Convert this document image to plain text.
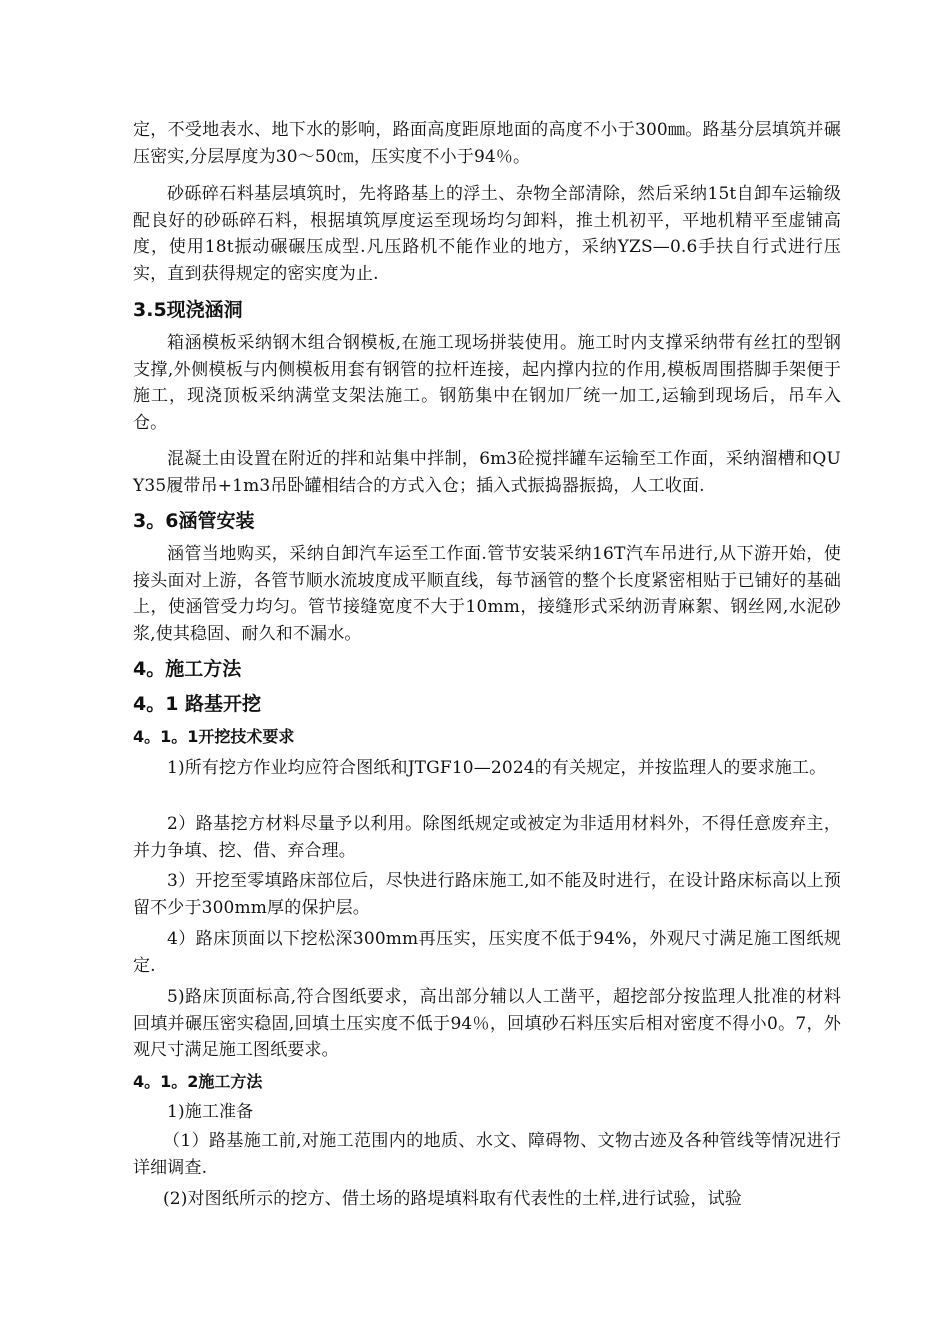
定，不受地表水、地下水的影响，路面高度距原地面的高度不小于300㎜。路基分层填筑并碾压密实,分层厚度为30～50㎝，压实度不小于94％。

砂砾碎石料基层填筑时，先将路基上的浮土、杂物全部清除，然后采纳15t自卸车运输级配良好的砂砾碎石料，根据填筑厚度运至现场均匀卸料，推土机初平，平地机精平至虚铺高度，使用18t振动碾碾压成型.凡压路机不能作业的地方，采纳YZS—0.6手扶自行式进行压实，直到获得规定的密实度为止.

3.5现浇涵洞

箱涵模板采纳钢木组合钢模板,在施工现场拼装使用。施工时内支撑采纳带有丝扛的型钢支撑,外侧模板与内侧模板用套有钢管的拉杆连接，起内撑内拉的作用,模板周围搭脚手架便于施工，现浇顶板采纳满堂支架法施工。钢筋集中在钢加厂统一加工,运输到现场后，吊车入仓。

混凝土由设置在附近的拌和站集中拌制，6m3砼搅拌罐车运输至工作面，采纳溜槽和QUY35履带吊+1m3吊卧罐相结合的方式入仓；插入式振捣器振捣，人工收面.

3。6涵管安装

涵管当地购买，采纳自卸汽车运至工作面.管节安装采纳16T汽车吊进行,从下游开始，使接头面对上游，各管节顺水流坡度成平顺直线，每节涵管的整个长度紧密相贴于已铺好的基础上，使涵管受力均匀。管节接缝宽度不大于10mm，接缝形式采纳沥青麻絮、钢丝网,水泥砂浆,使其稳固、耐久和不漏水。

4。施工方法
4。1 路基开挖
4。1。1开挖技术要求

1)所有挖方作业均应符合图纸和JTGF10—2024的有关规定，并按监理人的要求施工。

2）路基挖方材料尽量予以利用。除图纸规定或被定为非适用材料外，不得任意废弃主，并力争填、挖、借、弃合理。

3）开挖至零填路床部位后，尽快进行路床施工,如不能及时进行，在设计路床标高以上预留不少于300mm厚的保护层。

4）路床顶面以下挖松深300mm再压实，压实度不低于94%，外观尺寸满足施工图纸规定.

5)路床顶面标高,符合图纸要求，高出部分辅以人工凿平，超挖部分按监理人批准的材料回填并碾压密实稳固,回填土压实度不低于94％，回填砂石料压实后相对密度不得小0。7，外观尺寸满足施工图纸要求。

4。1。2施工方法

1)施工准备

（1）路基施工前,对施工范围内的地质、水文、障碍物、文物古迹及各种管线等情况进行详细调查.

(2)对图纸所示的挖方、借土场的路堤填料取有代表性的土样,进行试验，试验
